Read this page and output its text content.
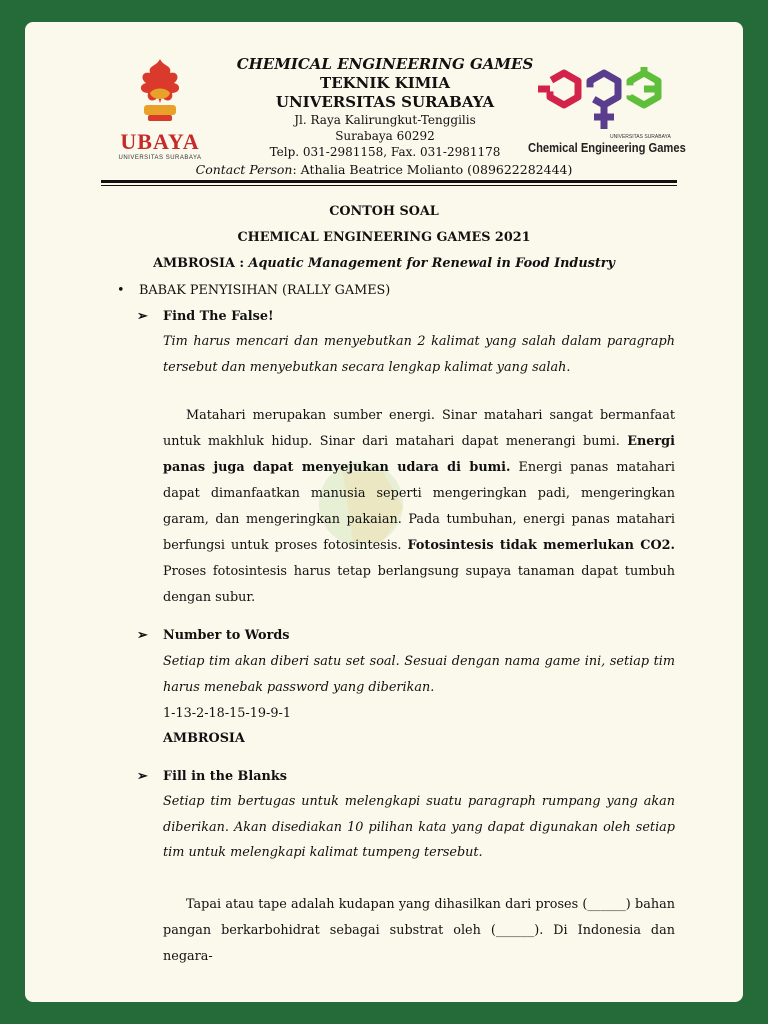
UBAYA
UNIVERSITAS SURABAYA
CHEMICAL ENGINEERING GAMES
TEKNIK KIMIA
UNIVERSITAS SURABAYA
Jl. Raya Kalirungkut-Tenggilis
Surabaya 60292
Telp. 031-2981158, Fax. 031-2981178
UNIVERSITAS SURABAYA
Chemical Engineering Games
Contact Person: Athalia Beatrice Molianto (089622282444)
CONTOH SOAL
CHEMICAL ENGINEERING GAMES 2021
AMBROSIA : Aquatic Management for Renewal in Food Industry
• BABAK PENYISIHAN (RALLY GAMES)
➢ Find The False!
Tim harus mencari dan menyebutkan 2 kalimat yang salah dalam paragraph tersebut dan menyebutkan secara lengkap kalimat yang salah.
Matahari merupakan sumber energi. Sinar matahari sangat bermanfaat untuk makhluk hidup. Sinar dari matahari dapat menerangi bumi. Energi panas juga dapat menyejukan udara di bumi. Energi panas matahari dapat dimanfaatkan manusia seperti mengeringkan padi, mengeringkan garam, dan mengeringkan pakaian. Pada tumbuhan, energi panas matahari berfungsi untuk proses fotosintesis. Fotosintesis tidak memerlukan CO2. Proses fotosintesis harus tetap berlangsung supaya tanaman dapat tumbuh dengan subur.
➢ Number to Words
Setiap tim akan diberi satu set soal. Sesuai dengan nama game ini, setiap tim harus menebak password yang diberikan.
1-13-2-18-15-19-9-1
AMBROSIA
➢ Fill in the Blanks
Setiap tim bertugas untuk melengkapi suatu paragraph rumpang yang akan diberikan. Akan disediakan 10 pilihan kata yang dapat digunakan oleh setiap tim untuk melengkapi kalimat tumpeng tersebut.
Tapai atau tape adalah kudapan yang dihasilkan dari proses (______) bahan pangan berkarbohidrat sebagai substrat oleh (______). Di Indonesia dan negara-
